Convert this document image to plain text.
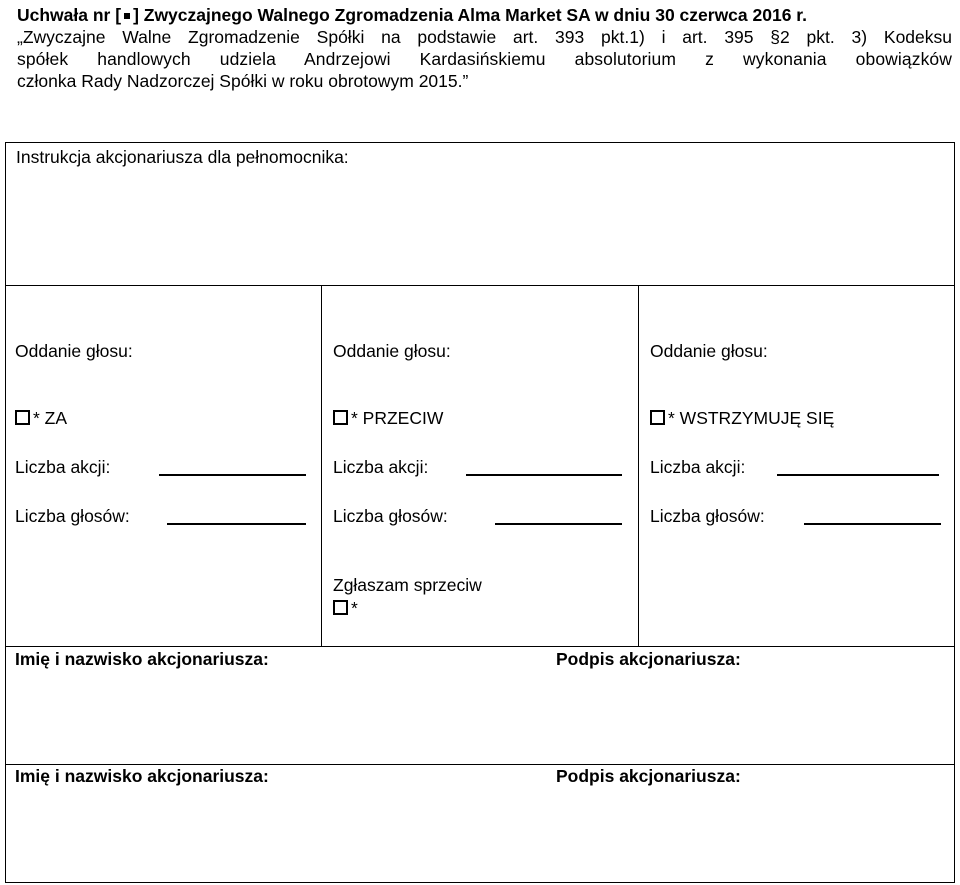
Uchwała nr [ ] Zwyczajnego Walnego Zgromadzenia Alma Market SA w dniu 30 czerwca 2016 r.
„Zwyczajne Walne Zgromadzenie Spółki na podstawie art. 393 pkt.1) i art. 395 §2 pkt. 3) Kodeksu
spółek handlowych udziela Andrzejowi Kardasińskiemu absolutorium z wykonania obowiązków
członka Rady Nadzorczej Spółki w roku obrotowym 2015.”
Instrukcja akcjonariusza dla pełnomocnika:
Oddanie głosu:
* ZA
Liczba akcji:
Liczba głosów:
Oddanie głosu:
* PRZECIW
Liczba akcji:
Liczba głosów:
Oddanie głosu:
* WSTRZYMUJĘ SIĘ
Liczba akcji:
Liczba głosów:
Zgłaszam sprzeciw
*
Imię i nazwisko akcjonariusza:	Podpis akcjonariusza:
Imię i nazwisko akcjonariusza:	Podpis akcjonariusza:
